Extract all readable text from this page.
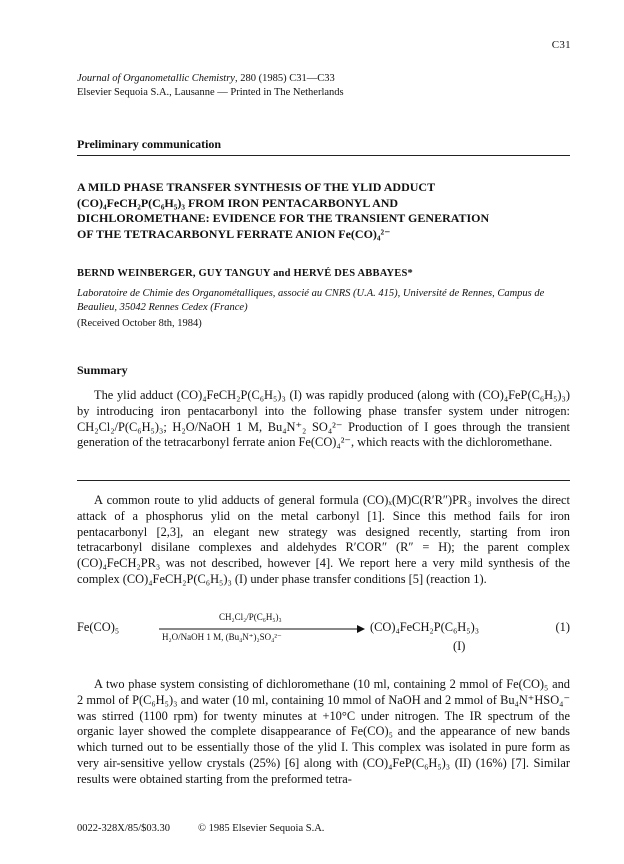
C31
Journal of Organometallic Chemistry, 280 (1985) C31—C33
Elsevier Sequoia S.A., Lausanne — Printed in The Netherlands
Preliminary communication
A MILD PHASE TRANSFER SYNTHESIS OF THE YLID ADDUCT
(CO)₄FeCH₂P(C₆H₅)₃ FROM IRON PENTACARBONYL AND
DICHLOROMETHANE: EVIDENCE FOR THE TRANSIENT GENERATION
OF THE TETRACARBONYL FERRATE ANION Fe(CO)₄²⁻
BERND WEINBERGER, GUY TANGUY and HERVÉ DES ABBAYES*
Laboratoire de Chimie des Organométalliques, associé au CNRS (U.A. 415), Université de Rennes, Campus de Beaulieu, 35042 Rennes Cedex (France)
(Received October 8th, 1984)
Summary

The ylid adduct (CO)₄FeCH₂P(C₆H₅)₃ (I) was rapidly produced (along with (CO)₄FeP(C₆H₅)₃) by introducing iron pentacarbonyl into the following phase transfer system under nitrogen: CH₂Cl₂/P(C₆H₅)₃; H₂O/NaOH 1 M, Bu₄N⁺₂ SO₄²⁻ Production of I goes through the transient generation of the tetracarbonyl ferrate anion Fe(CO)₄²⁻, which reacts with the dichloromethane.

A common route to ylid adducts of general formula (CO)ₓ(M)C(R′R″)PR₃ involves the direct attack of a phosphorus ylid on the metal carbonyl [1]. Since this method fails for iron pentacarbonyl [2,3], an elegant new strategy was designed recently, starting from iron tetracarbonyl disilane complexes and aldehydes R′COR″ (R″ = H); the parent complex (CO)₄FeCH₂PR₃ was not described, however [4]. We report here a very mild synthesis of the complex (CO)₄FeCH₂P(C₆H₅)₃ (I) under phase transfer conditions [5] (reaction 1).

Fe(CO)₅
CH₂Cl₂/P(C₆H₅)₃
H₂O/NaOH 1 M, (Bu₄N⁺)₂SO₄²⁻
(CO)₄FeCH₂P(C₆H₅)₃	(1)
(I)

A two phase system consisting of dichloromethane (10 ml, containing 2 mmol of Fe(CO)₅ and 2 mmol of P(C₆H₅)₃ and water (10 ml, containing 10 mmol of NaOH and 2 mmol of Bu₄N⁺HSO₄⁻ was stirred (1100 rpm) for twenty minutes at +10°C under nitrogen. The IR spectrum of the organic layer showed the complete disappearance of Fe(CO)₅ and the appearance of new bands which turned out to be essentially those of the ylid I. This complex was isolated in pure form as very air-sensitive yellow crystals (25%) [6] along with (CO)₄FeP(C₆H₅)₃ (II) (16%) [7]. Similar results were obtained starting from the preformed tetra-

0022-328X/85/$03.30	© 1985 Elsevier Sequoia S.A.
